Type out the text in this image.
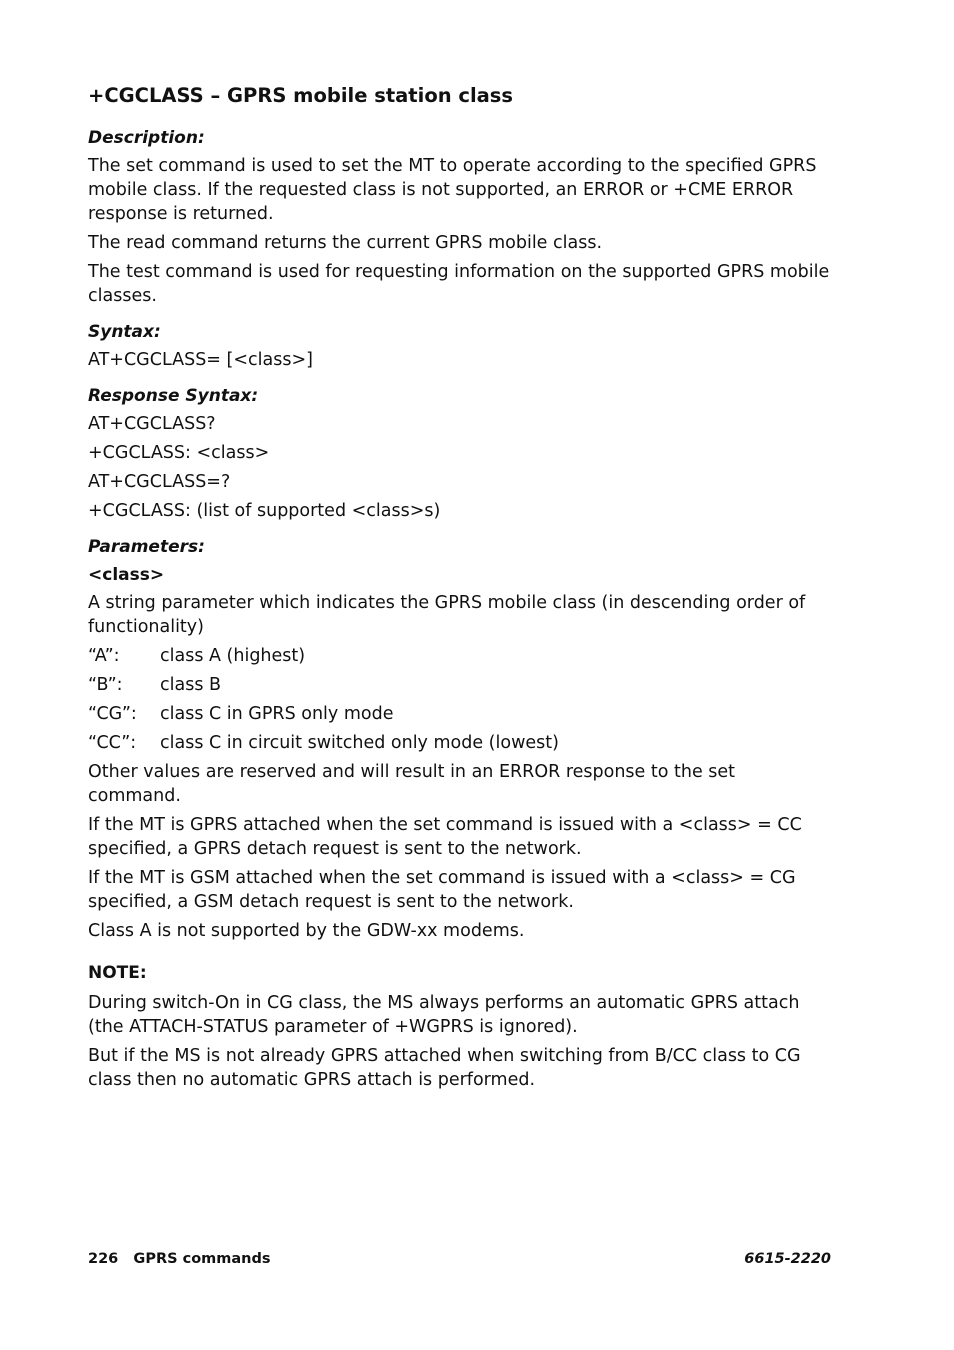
+CGCLASS – GPRS mobile station class
Description:

The set command is used to set the MT to operate according to the specified GPRS mobile class. If the requested class is not supported, an ERROR or +CME ERROR response is returned.

The read command returns the current GPRS mobile class.

The test command is used for requesting information on the supported GPRS mobile classes.

Syntax:
AT+CGCLASS= [<class>]
Response Syntax:
AT+CGCLASS?
+CGCLASS: <class>
AT+CGCLASS=?
+CGCLASS: (list of supported <class>s)
Parameters:
<class>

A string parameter which indicates the GPRS mobile class (in descending order of functionality)

“A”:	class A (highest)
“B”:	class B
“CG”:	class C in GPRS only mode
“CC”:	class C in circuit switched only mode (lowest)

Other values are reserved and will result in an ERROR response to the set command.

If the MT is GPRS attached when the set command is issued with a <class> = CC specified, a GPRS detach request is sent to the network.

If the MT is GSM attached when the set command is issued with a <class> = CG specified, a GSM detach request is sent to the network.

Class A is not supported by the GDW-xx modems.

NOTE:

During switch-On in CG class, the MS always performs an automatic GPRS attach (the ATTACH-STATUS parameter of +WGPRS is ignored).

But if the MS is not already GPRS attached when switching from B/CC class to CG class then no automatic GPRS attach is performed.

226   GPRS commands	6615-2220
